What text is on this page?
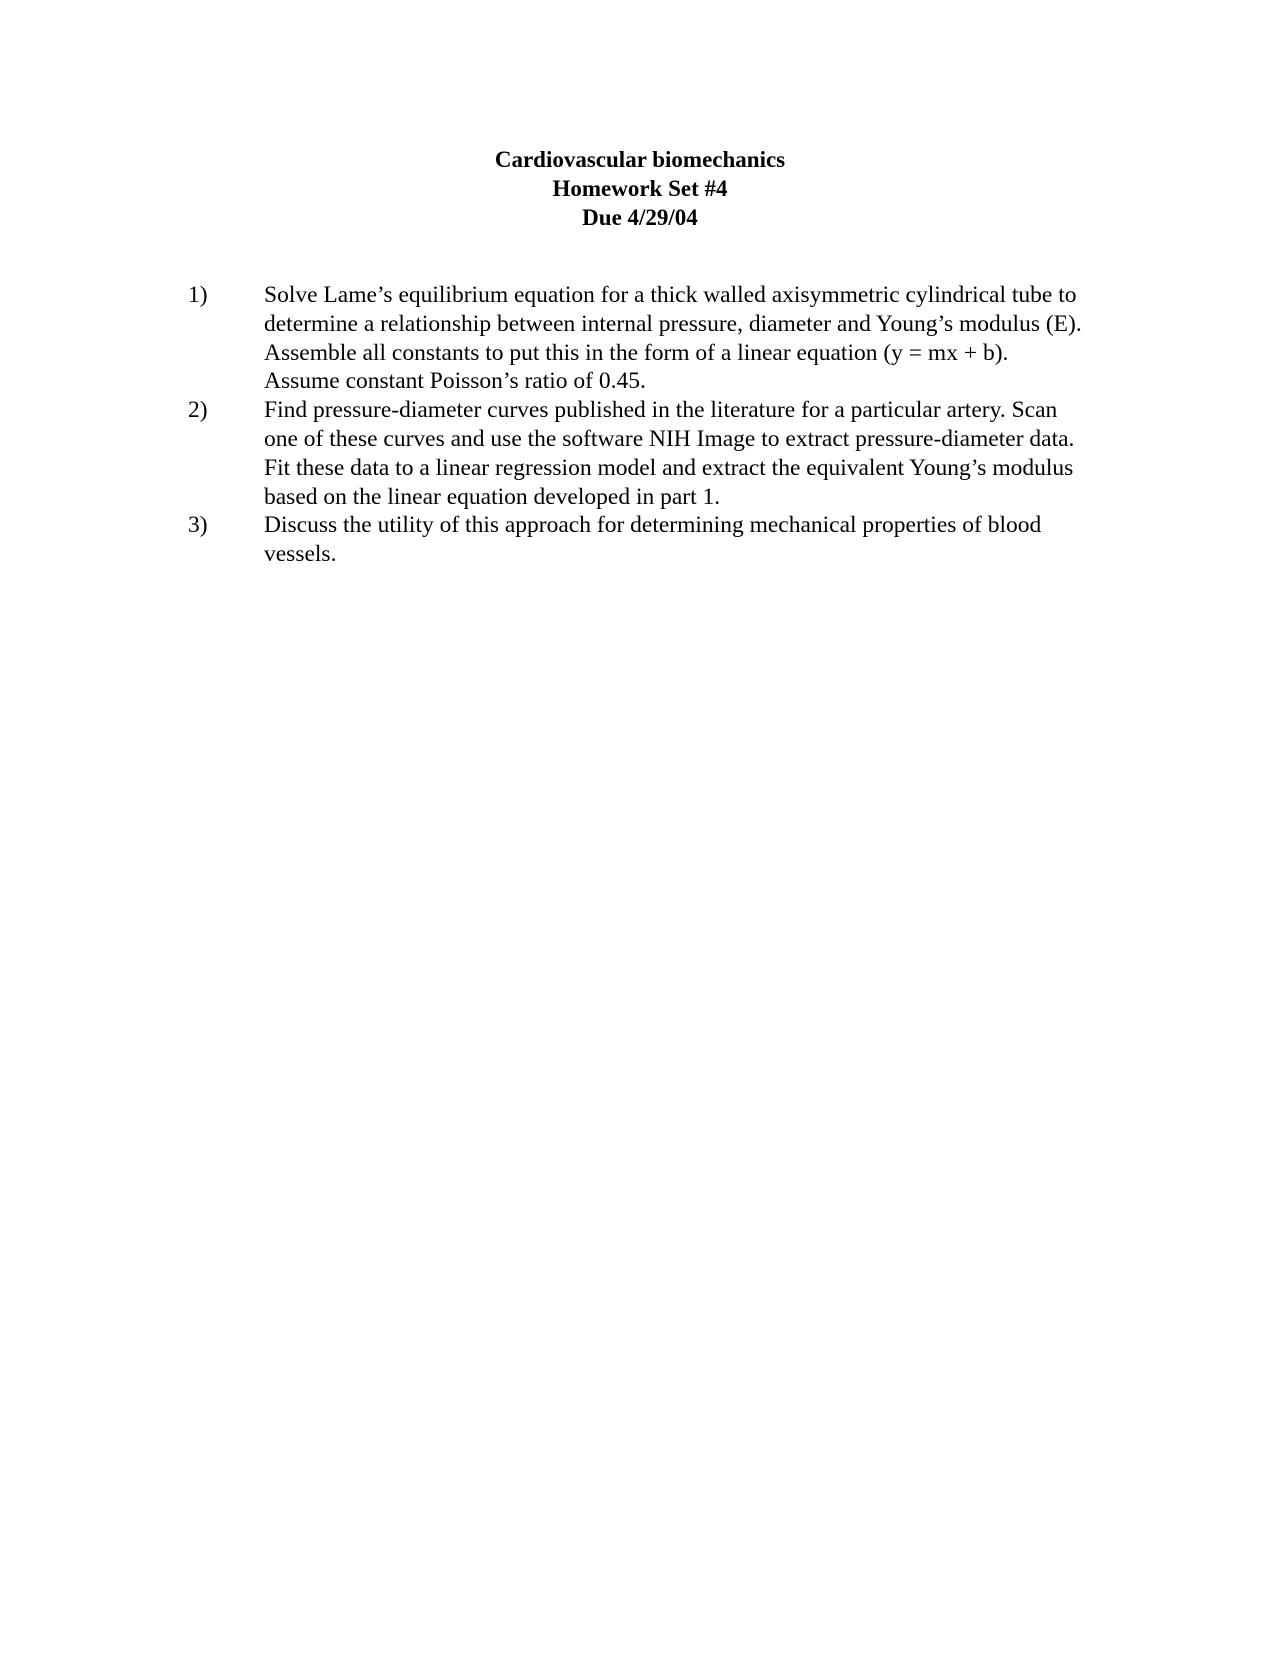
Cardiovascular biomechanics
Homework Set #4
Due 4/29/04
1) Solve Lame’s equilibrium equation for a thick walled axisymmetric cylindrical tube to determine a relationship between internal pressure, diameter and Young’s modulus (E). Assemble all constants to put this in the form of a linear equation (y = mx + b). Assume constant Poisson’s ratio of 0.45.
2) Find pressure-diameter curves published in the literature for a particular artery. Scan one of these curves and use the software NIH Image to extract pressure-diameter data. Fit these data to a linear regression model and extract the equivalent Young’s modulus based on the linear equation developed in part 1.
3) Discuss the utility of this approach for determining mechanical properties of blood vessels.
